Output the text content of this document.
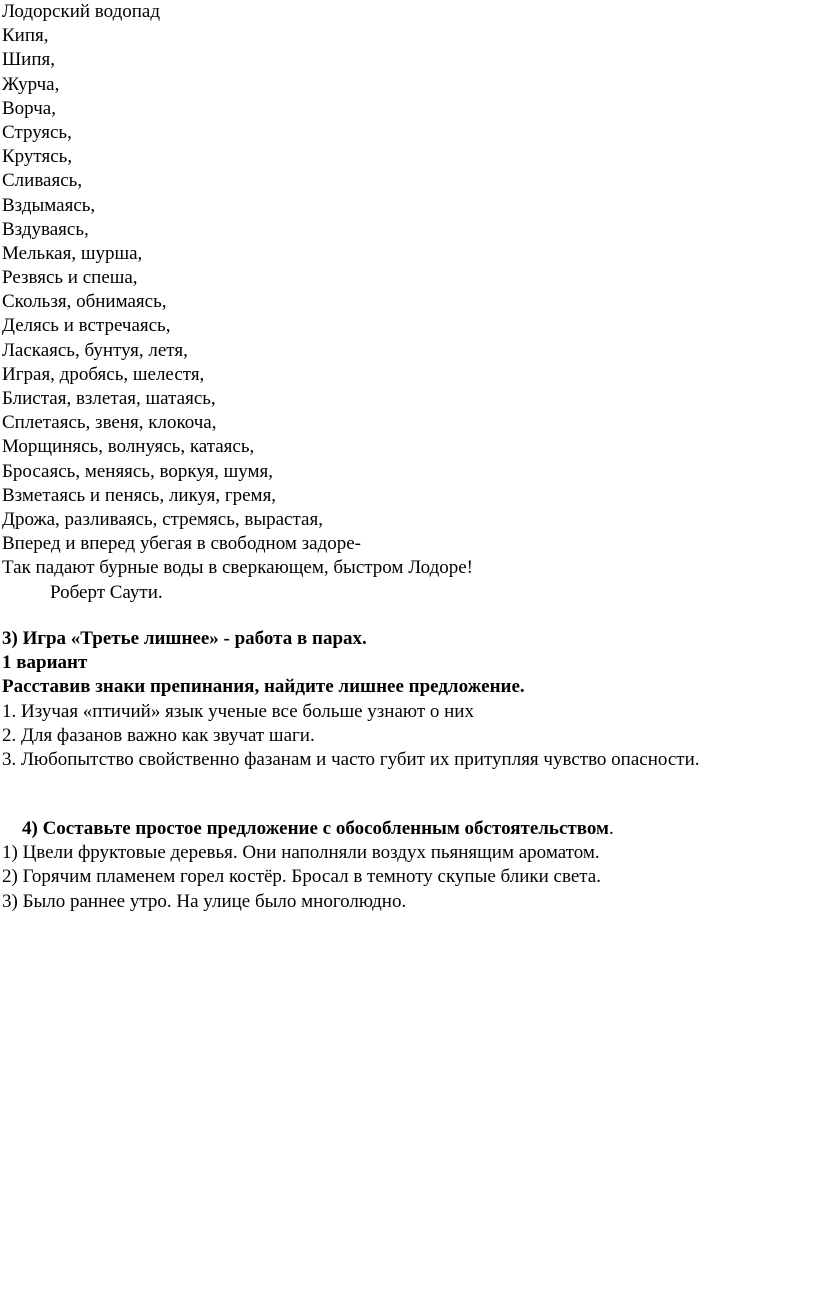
Лодорский водопад
Кипя,
Шипя,
Журча,
Ворча,
Струясь,
Крутясь,
Сливаясь,
Вздымаясь,
Вздуваясь,
Мелькая, шурша,
Резвясь и спеша,
Скользя, обнимаясь,
Делясь и встречаясь,
Ласкаясь, бунтуя, летя,
Играя, дробясь, шелестя,
Блистая, взлетая, шатаясь,
Сплетаясь, звеня, клокоча,
Морщинясь, волнуясь, катаясь,
Бросаясь, меняясь, воркуя, шумя,
Взметаясь и пенясь, ликуя, гремя,
Дрожа, разливаясь, стремясь, вырастая,
Вперед и вперед убегая в свободном задоре-
Так падают бурные воды в сверкающем, быстром Лодоре!
Роберт Саути.
3) Игра «Третье лишнее» - работа в парах.
1 вариант
Расставив знаки препинания, найдите лишнее предложение.
1. Изучая «птичий» язык ученые все больше узнают о них
2. Для фазанов важно как звучат шаги.
3. Любопытство свойственно фазанам и часто губит их притупляя чувство опасности.
4) Составьте простое предложение с обособленным обстоятельством.
1) Цвели фруктовые деревья. Они наполняли воздух пьянящим ароматом.
2) Горячим пламенем горел костёр. Бросал в темноту скупые блики света.
3) Было раннее утро. На улице было многолюдно.
